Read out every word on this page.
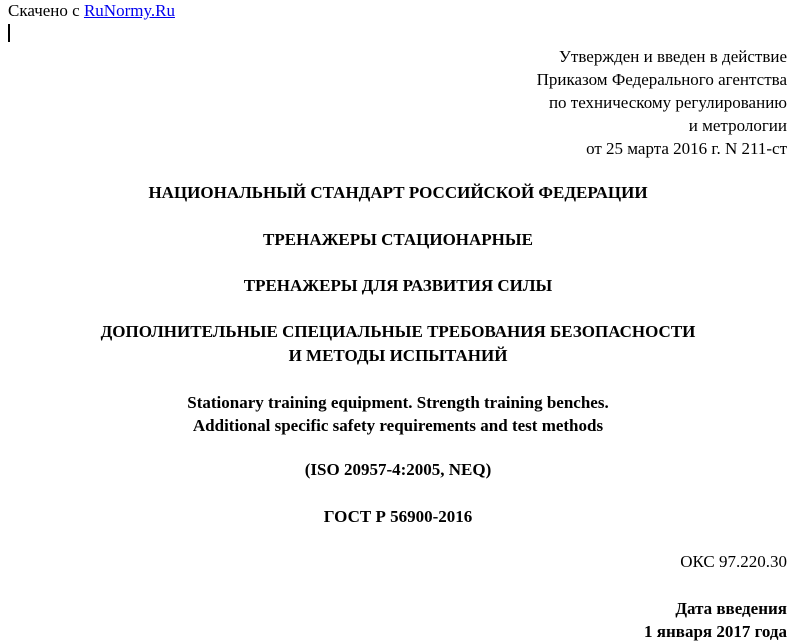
Скачено с RuNormy.Ru
Утвержден и введен в действие
Приказом Федерального агентства
по техническому регулированию
и метрологии
от 25 марта 2016 г. N 211-ст
НАЦИОНАЛЬНЫЙ СТАНДАРТ РОССИЙСКОЙ ФЕДЕРАЦИИ
ТРЕНАЖЕРЫ СТАЦИОНАРНЫЕ
ТРЕНАЖЕРЫ ДЛЯ РАЗВИТИЯ СИЛЫ
ДОПОЛНИТЕЛЬНЫЕ СПЕЦИАЛЬНЫЕ ТРЕБОВАНИЯ БЕЗОПАСНОСТИ
И МЕТОДЫ ИСПЫТАНИЙ
Stationary training equipment. Strength training benches.
Additional specific safety requirements and test methods
(ISO 20957-4:2005, NEQ)
ГОСТ Р 56900-2016
ОКС 97.220.30
Дата введения
1 января 2017 года
